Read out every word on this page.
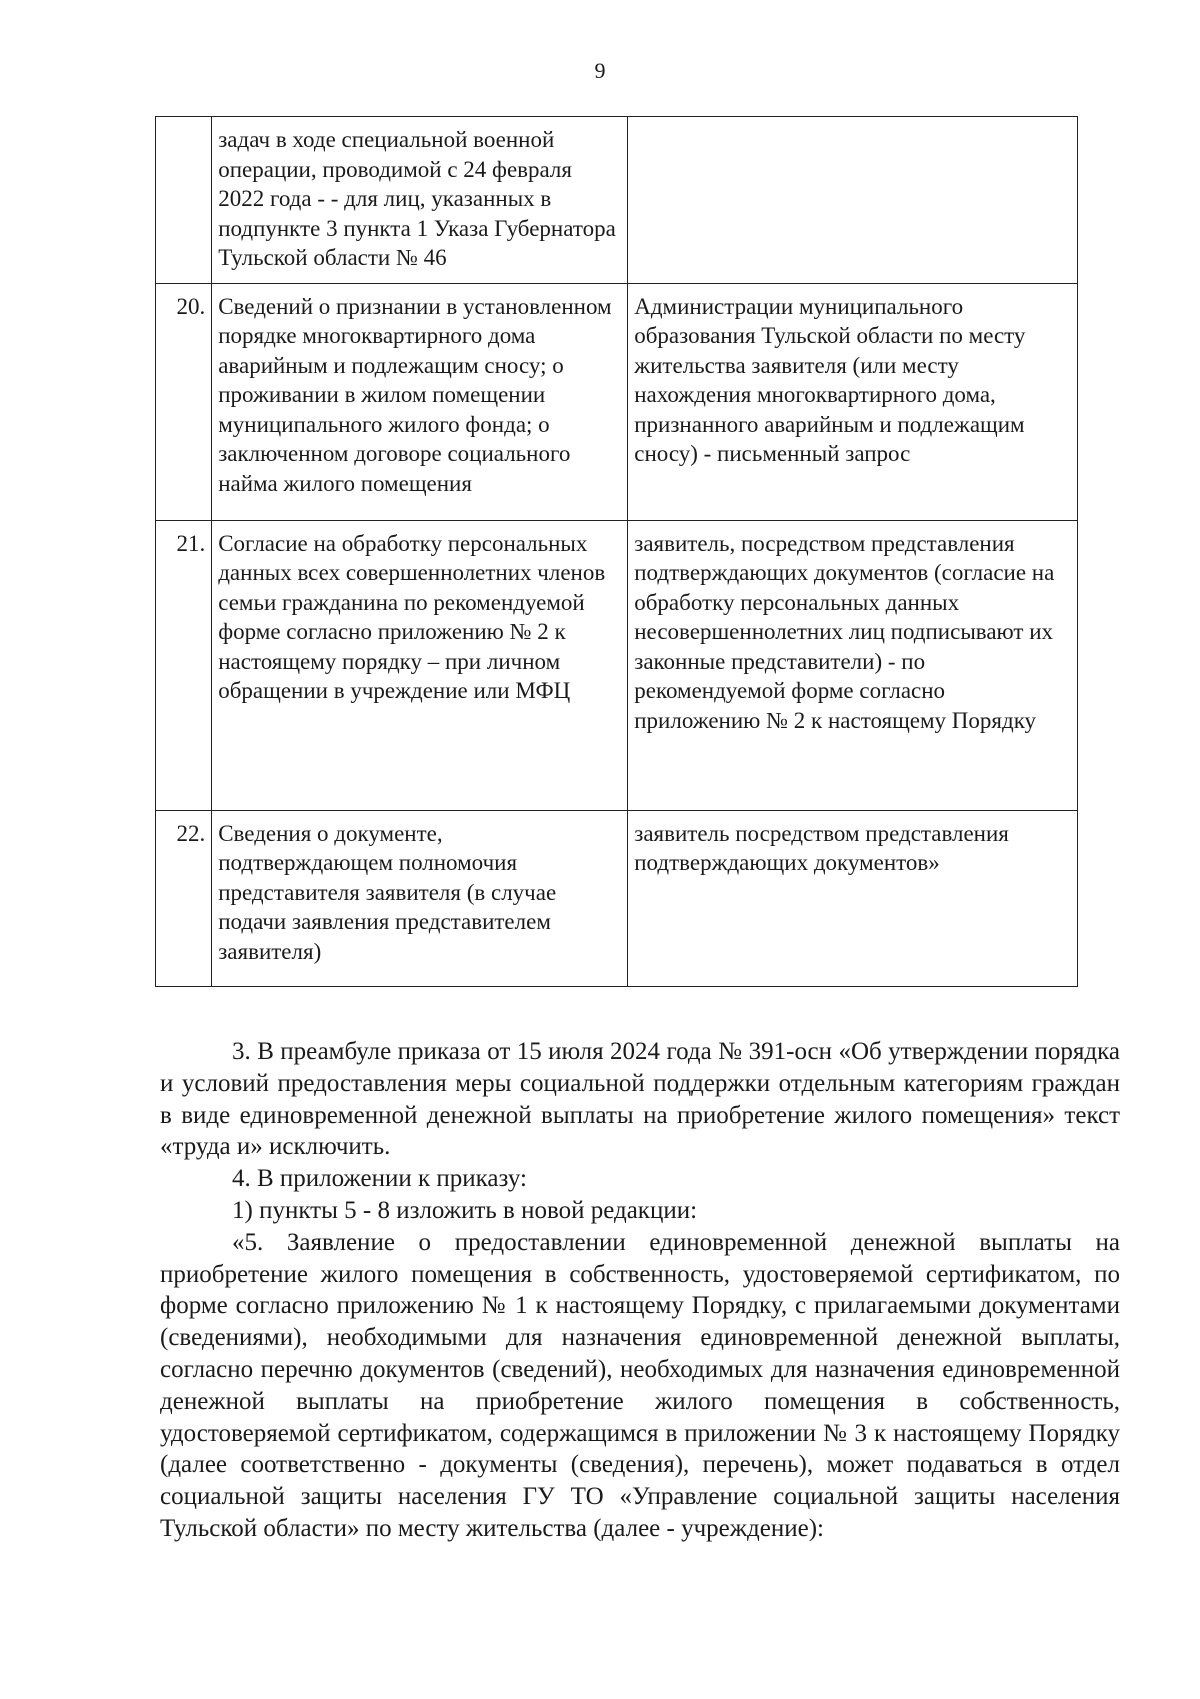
9
	задач в ходе специальной военной операции, проводимой с 24 февраля 2022 года - - для лиц, указанных в подпункте 3 пункта 1 Указа Губернатора Тульской области № 46	
20.	Сведений о признании в установленном порядке многоквартирного дома аварийным и подлежащим сносу; о проживании в жилом помещении муниципального жилого фонда; о заключенном договоре социального найма жилого помещения	Администрации муниципального образования Тульской области по месту жительства заявителя (или месту нахождения многоквартирного дома, признанного аварийным и подлежащим сносу) - письменный запрос
21.	Согласие на обработку персональных данных всех совершеннолетних членов семьи гражданина по рекомендуемой форме согласно приложению № 2 к настоящему порядку – при личном обращении в учреждение или МФЦ	заявитель, посредством представления подтверждающих документов (согласие на обработку персональных данных несовершеннолетних лиц подписывают их законные представители) - по рекомендуемой форме согласно приложению № 2 к настоящему Порядку
22.	Сведения о документе, подтверждающем полномочия представителя заявителя (в случае подачи заявления представителем заявителя)	заявитель посредством представления подтверждающих документов»

3. В преамбуле приказа от 15 июля 2024 года № 391-осн «Об утверждении порядка и условий предоставления меры социальной поддержки отдельным категориям граждан в виде единовременной денежной выплаты на приобретение жилого помещения» текст «труда и» исключить.

4. В приложении к приказу:

1) пункты 5 - 8 изложить в новой редакции:

«5. Заявление о предоставлении единовременной денежной выплаты на приобретение жилого помещения в собственность, удостоверяемой сертификатом, по форме согласно приложению № 1 к настоящему Порядку, с прилагаемыми документами (сведениями), необходимыми для назначения единовременной денежной выплаты, согласно перечню документов (сведений), необходимых для назначения единовременной денежной выплаты на приобретение жилого помещения в собственность, удостоверяемой сертификатом, содержащимся в приложении № 3 к настоящему Порядку (далее соответственно - документы (сведения), перечень), может подаваться в отдел социальной защиты населения ГУ ТО «Управление социальной защиты населения Тульской области» по месту жительства (далее - учреждение):
